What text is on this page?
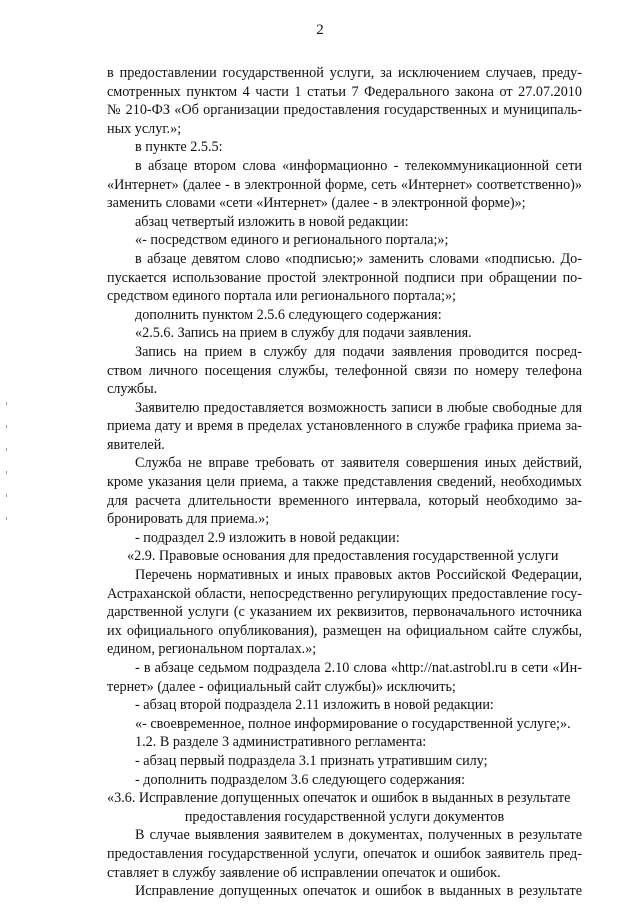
2
в предоставлении государственной услуги, за исключением случаев, преду-
смотренных пунктом 4 части 1 статьи 7 Федерального закона от 27.07.2010
№ 210-ФЗ «Об организации предоставления государственных и муниципаль-
ных услуг.»;
в пункте 2.5.5:
в абзаце втором слова «информационно - телекоммуникационной сети
«Интернет» (далее - в электронной форме, сеть «Интернет» соответственно)»
заменить словами «сети «Интернет» (далее - в электронной форме)»;
абзац четвертый изложить в новой редакции:
«- посредством единого и регионального портала;»;
в абзаце девятом слово «подписью;» заменить словами «подписью. До-
пускается использование простой электронной подписи при обращении по-
средством единого портала или регионального портала;»;
дополнить пунктом 2.5.6 следующего содержания:
«2.5.6. Запись на прием в службу для подачи заявления.
Запись на прием в службу для подачи заявления проводится посред-
ством личного посещения службы, телефонной связи по номеру телефона
службы.
Заявителю предоставляется возможность записи в любые свободные для
приема дату и время в пределах установленного в службе графика приема за-
явителей.
Служба не вправе требовать от заявителя совершения иных действий,
кроме указания цели приема, а также представления сведений, необходимых
для расчета длительности временного интервала, который необходимо за-
бронировать для приема.»;
- подраздел 2.9 изложить в новой редакции:
«2.9. Правовые основания для предоставления государственной услуги
Перечень нормативных и иных правовых актов Российской Федерации,
Астраханской области, непосредственно регулирующих предоставление госу-
дарственной услуги (с указанием их реквизитов, первоначального источника
их официального опубликования), размещен на официальном сайте службы,
едином, региональном порталах.»;
- в абзаце седьмом подраздела 2.10 слова «http://nat.astrobl.ru в сети «Ин-
тернет» (далее - официальный сайт службы)» исключить;
- абзац второй подраздела 2.11 изложить в новой редакции:
«- своевременное, полное информирование о государственной услуге;».
1.2. В разделе 3 административного регламента:
- абзац первый подраздела 3.1 признать утратившим силу;
- дополнить подразделом 3.6 следующего содержания:
«3.6. Исправление допущенных опечаток и ошибок в выданных в результате
предоставления государственной услуги документов
В случае выявления заявителем в документах, полученных в результате
предоставления государственной услуги, опечаток и ошибок заявитель пред-
ставляет в службу заявление об исправлении опечаток и ошибок.
Исправление допущенных опечаток и ошибок в выданных в результате
